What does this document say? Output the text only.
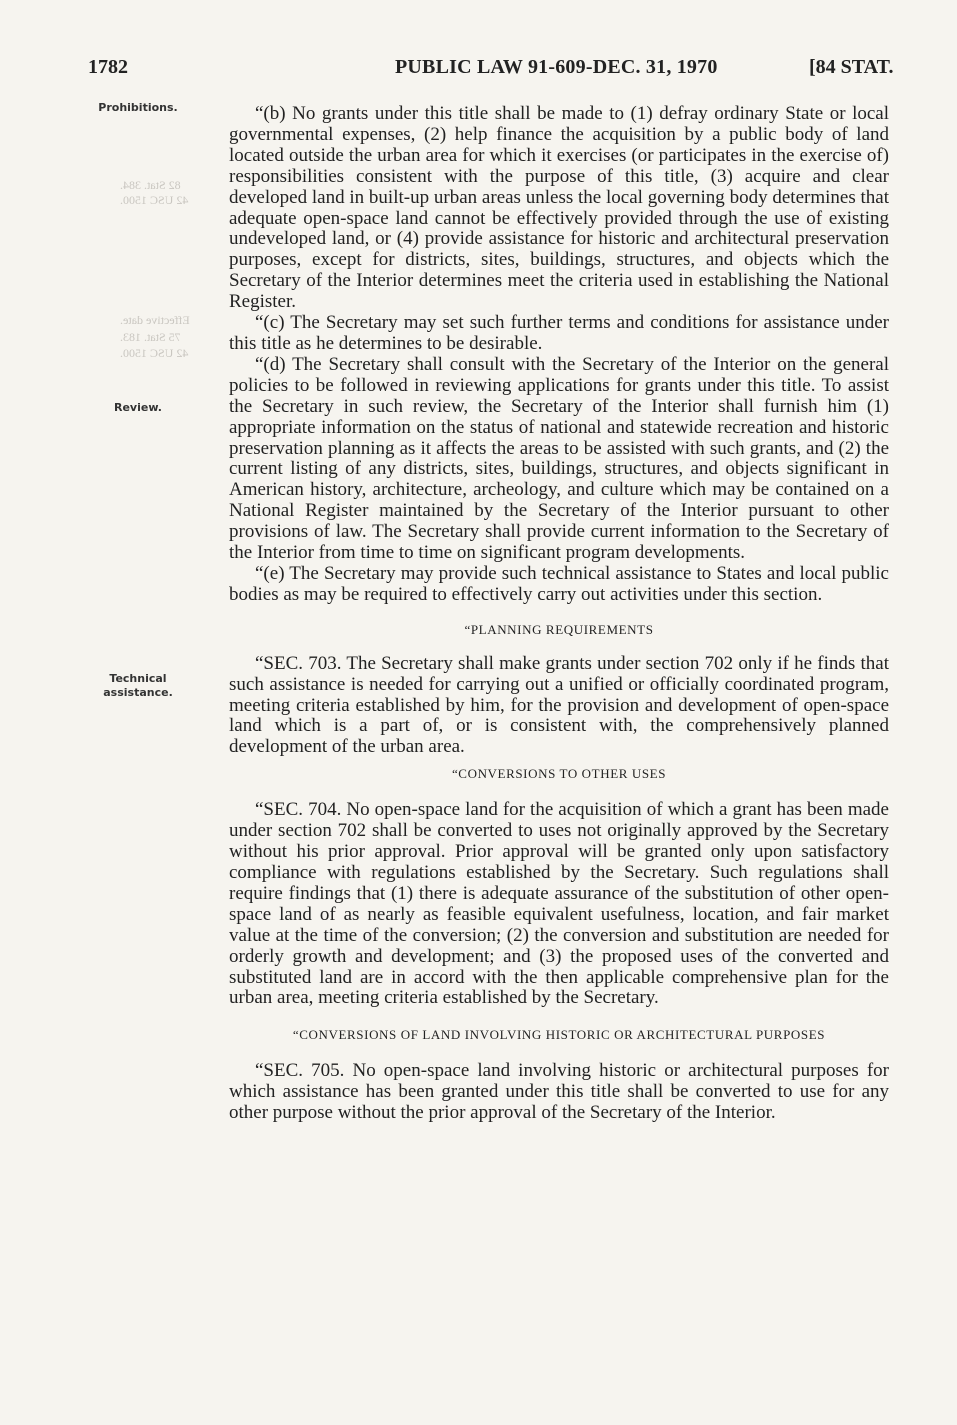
1782	PUBLIC LAW 91-609-DEC. 31, 1970	[84 STAT.
82 Stat. 384.
42 USC 1500.
Effective date.
75 Stat. 183.
42 USC 1500.
Prohibitions.
Review.
Technical
assistance.

“(b) No grants under this title shall be made to (1) defray ordinary State or local governmental expenses, (2) help finance the acquisition by a public body of land located outside the urban area for which it exercises (or participates in the exercise of) responsibilities consistent with the purpose of this title, (3) acquire and clear developed land in built-up urban areas unless the local governing body determines that adequate open-space land cannot be effectively provided through the use of existing undeveloped land, or (4) provide assistance for historic and architectural preservation purposes, except for districts, sites, buildings, structures, and objects which the Secretary of the Interior determines meet the criteria used in establishing the National Register.

“(c) The Secretary may set such further terms and conditions for assistance under this title as he determines to be desirable.

“(d) The Secretary shall consult with the Secretary of the Interior on the general policies to be followed in reviewing applications for grants under this title. To assist the Secretary in such review, the Secretary of the Interior shall furnish him (1) appropriate information on the status of national and statewide recreation and historic preservation planning as it affects the areas to be assisted with such grants, and (2) the current listing of any districts, sites, buildings, structures, and objects significant in American history, architecture, archeology, and culture which may be contained on a National Register maintained by the Secretary of the Interior pursuant to other provisions of law. The Secretary shall provide current information to the Secretary of the Interior from time to time on significant program developments.

“(e) The Secretary may provide such technical assistance to States and local public bodies as may be required to effectively carry out activities under this section.

“PLANNING REQUIREMENTS

“SEC. 703. The Secretary shall make grants under section 702 only if he finds that such assistance is needed for carrying out a unified or officially coordinated program, meeting criteria established by him, for the provision and development of open-space land which is a part of, or is consistent with, the comprehensively planned development of the urban area.

“CONVERSIONS TO OTHER USES

“SEC. 704. No open-space land for the acquisition of which a grant has been made under section 702 shall be converted to uses not originally approved by the Secretary without his prior approval. Prior approval will be granted only upon satisfactory compliance with regulations established by the Secretary. Such regulations shall require findings that (1) there is adequate assurance of the substitution of other open-space land of as nearly as feasible equivalent usefulness, location, and fair market value at the time of the conversion; (2) the conversion and substitution are needed for orderly growth and development; and (3) the proposed uses of the converted and substituted land are in accord with the then applicable comprehensive plan for the urban area, meeting criteria established by the Secretary.

“CONVERSIONS OF LAND INVOLVING HISTORIC OR ARCHITECTURAL PURPOSES

“SEC. 705. No open-space land involving historic or architectural purposes for which assistance has been granted under this title shall be converted to use for any other purpose without the prior approval of the Secretary of the Interior.
